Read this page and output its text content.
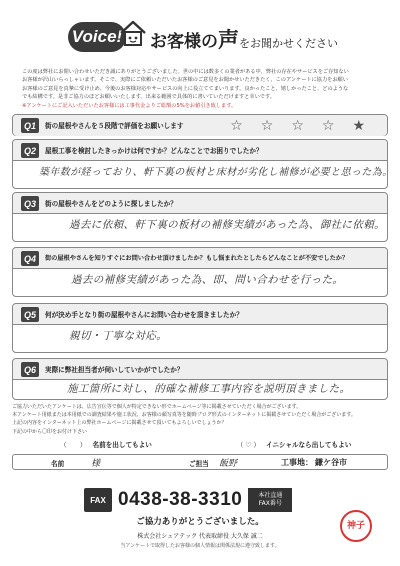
Voice! お客様の声をお聞かせください
この度は弊社にお問い合わせいただき誠にありがとうございました。世の中には数多くの業者がある中、弊社の存在やサービスをご存知ない
お客様が沢山いらっしゃいます。そこで、実際にご依頼いただいたお客様のご意見をお聞かせいただきたく、このアンケートに協力をお願い
お客様のご意見を真摯に受け止め、今後のお客様対応やサービスの向上に役立ててまいります。良かったこと、嬉しかったこと、どのような
でも結構です。是非ご協力のほどお願いいたします。出来る範囲で具体的に書いていただけますと幸いです。
※アンケートにご記入いただいたお客様には工事代金よりご総額の5%をお値引き致します。
Q1	街の屋根やさんを５段階で評価をお願いします	☆ ☆ ☆ ☆ ★
Q2	屋根工事を検討したきっかけは何ですか？どんなことでお困りでしたか？
築年数が経っており、軒下裏の板材と床材が劣化し補修が必要と思った為。
Q3	街の屋根やさんをどのように探しましたか？
過去に依頼、軒下裏の板材の補修実績があった為、御社に依頼。
Q4	街の屋根やさんを知りすぐにお問い合わせ頂けましたか？もし悩まれたとしたらどんなことが不安でしたか？
過去の補修実績があった為、即、問い合わせを行った。
Q5	何が決め手となり街の屋根やさんにお問い合わせを頂きましたか？
親切・丁寧な対応。
Q6	実際に弊社担当者が伺いしていかがでしたか？
施工箇所に対し、的確な補修工事内容を説明頂きました。
ご協力いただいたアンケートは、広告宣伝等で個人が特定できない形でホームページ等に掲載させていただく場合がございます。
本アンケート用紙または本用紙での調査結果や施工状況、お客様の顔写真等を随時ブログ形式のインターネットに掲載させていただく場合がございます。
上記の内容をインターネット上の弊社ホームページに掲載させて頂いてもよろしいでしょうか？
下記の中から〇印をお付け下さい
（　　） 名前を出してもよい	（ ♡ ） イニシャルなら出してもよい
名前	様	ご担当 飯野	工事地： 鎌ケ谷市
FAX 0438-38-3310	本社直通
FAX番号
ご協力ありがとうございました。
株式会社シェアテック 代表取締役 大久保 誠二
当アンケートで取得したお客様の個人情報は関係法規に遵守致します。
神子
